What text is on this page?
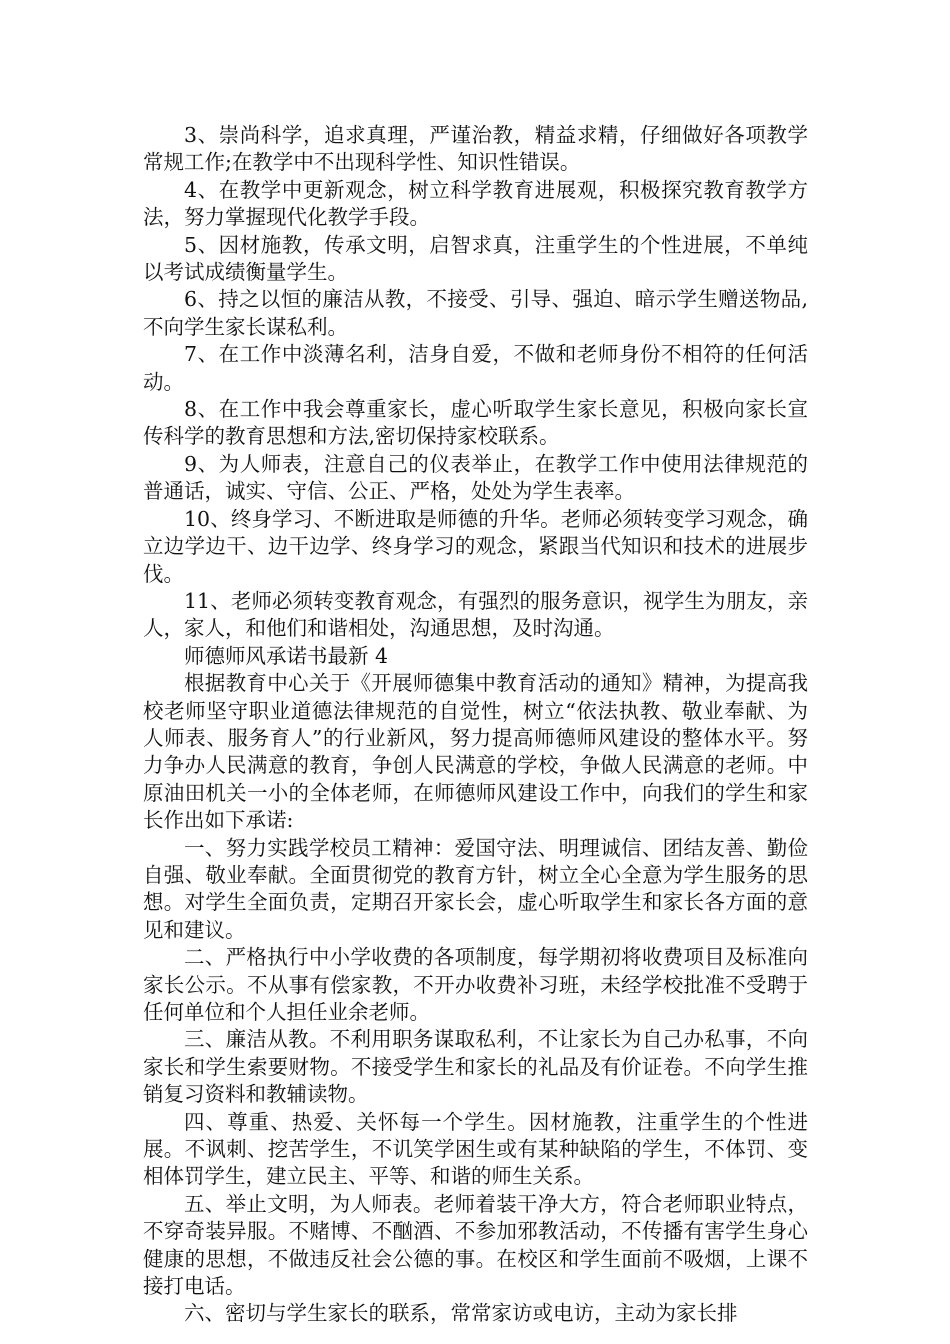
3、崇尚科学，追求真理，严谨治教，精益求精，仔细做好各项教学常规工作;在教学中不出现科学性、知识性错误。

4、在教学中更新观念，树立科学教育进展观，积极探究教育教学方法，努力掌握现代化教学手段。

5、因材施教，传承文明，启智求真，注重学生的个性进展，不单纯以考试成绩衡量学生。

6、持之以恒的廉洁从教，不接受、引导、强迫、暗示学生赠送物品,不向学生家长谋私利。

7、在工作中淡薄名利，洁身自爱，不做和老师身份不相符的任何活动。

8、在工作中我会尊重家长，虚心听取学生家长意见，积极向家长宣传科学的教育思想和方法,密切保持家校联系。

9、为人师表，注意自己的仪表举止，在教学工作中使用法律规范的普通话，诚实、守信、公正、严格，处处为学生表率。

10、终身学习、不断进取是师德的升华。老师必须转变学习观念，确立边学边干、边干边学、终身学习的观念，紧跟当代知识和技术的进展步伐。

11、老师必须转变教育观念，有强烈的服务意识，视学生为朋友，亲人，家人，和他们和谐相处，沟通思想，及时沟通。

师德师风承诺书最新 4

根据教育中心关于《开展师德集中教育活动的通知》精神，为提高我校老师坚守职业道德法律规范的自觉性，树立“依法执教、敬业奉献、为人师表、服务育人”的行业新风，努力提高师德师风建设的整体水平。努力争办人民满意的教育，争创人民满意的学校，争做人民满意的老师。中原油田机关一小的全体老师，在师德师风建设工作中，向我们的学生和家长作出如下承诺:

一、努力实践学校员工精神：爱国守法、明理诚信、团结友善、勤俭自强、敬业奉献。全面贯彻党的教育方针，树立全心全意为学生服务的思想。对学生全面负责，定期召开家长会，虚心听取学生和家长各方面的意见和建议。

二、严格执行中小学收费的各项制度，每学期初将收费项目及标准向家长公示。不从事有偿家教，不开办收费补习班，未经学校批准不受聘于任何单位和个人担任业余老师。

三、廉洁从教。不利用职务谋取私利，不让家长为自己办私事，不向家长和学生索要财物。不接受学生和家长的礼品及有价证卷。不向学生推销复习资料和教辅读物。

四、尊重、热爱、关怀每一个学生。因材施教，注重学生的个性进展。不讽刺、挖苦学生，不讥笑学困生或有某种缺陷的学生，不体罚、变相体罚学生，建立民主、平等、和谐的师生关系。

五、举止文明，为人师表。老师着装干净大方，符合老师职业特点，不穿奇装异服。不赌博、不酗酒、不参加邪教活动，不传播有害学生身心健康的思想，不做违反社会公德的事。在校区和学生面前不吸烟，上课不接打电话。

六、密切与学生家长的联系，常常家访或电访，主动为家长排
